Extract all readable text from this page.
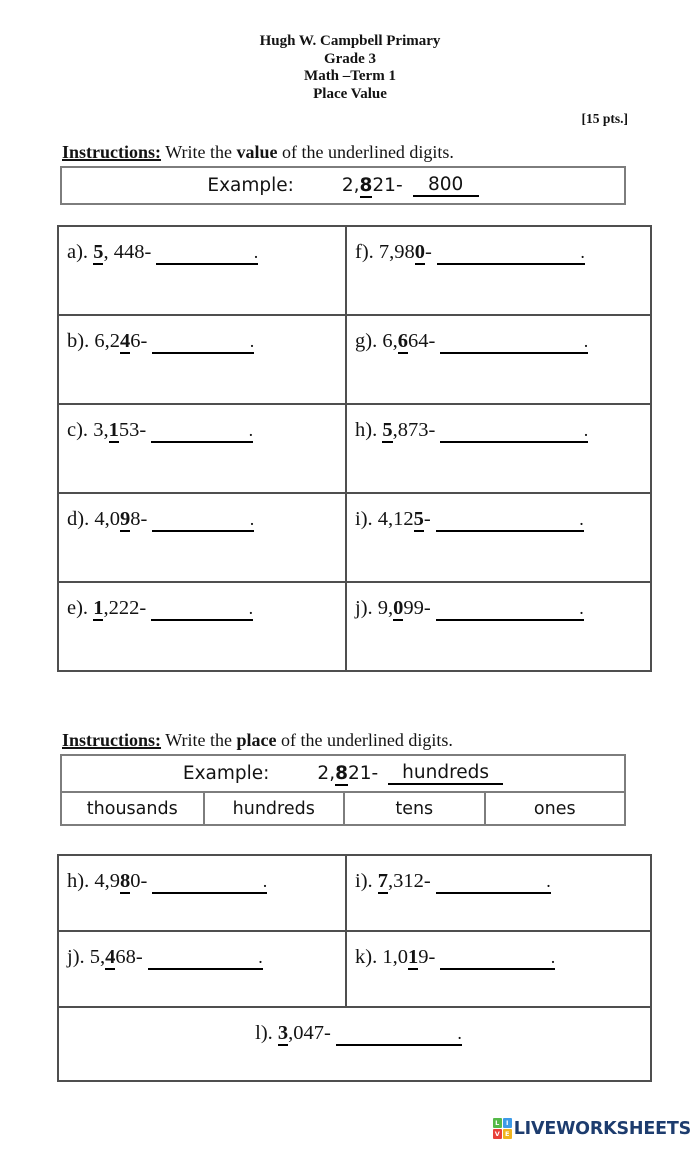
Hugh W. Campbell Primary
Grade 3
Math –Term 1
Place Value
[15 pts.]

Instructions: Write the value of the underlined digits.

Example:	2,821-	800
a). 5, 448- .	f). 7,980- .
b). 6,246- .	g). 6,664- .
c). 3,153- .	h). 5,873- .
d). 4,098- .	i). 4,125- .
e). 1,222- .	j). 9,099- .

Instructions: Write the place of the underlined digits.

Example:	2,821-	hundreds
thousands	hundreds	tens	ones
h). 4,980- .	i). 7,312- .
j). 5,468- .	k). 1,019- .
l). 3,047- .	
L	I
V E LIVEWORKSHEETS
